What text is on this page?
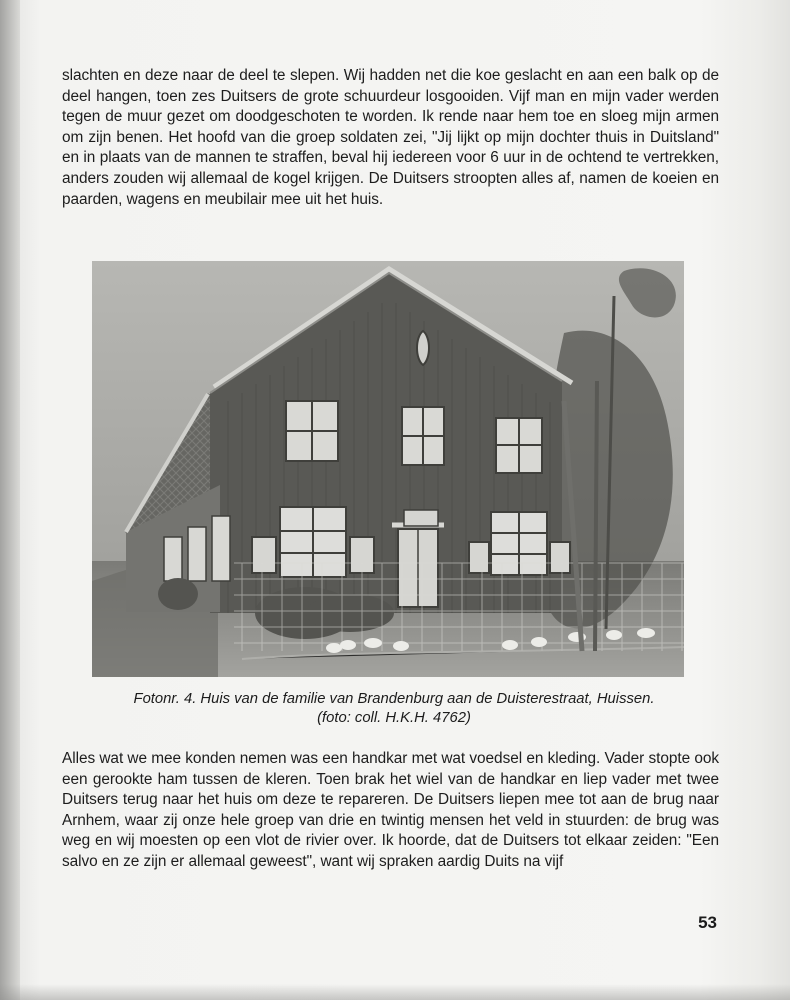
slachten en deze naar de deel te slepen. Wij hadden net die koe geslacht en aan een balk op de deel hangen, toen zes Duitsers de grote schuurdeur losgooiden. Vijf man en mijn vader werden tegen de muur gezet om doodgeschoten te worden. Ik rende naar hem toe en sloeg mijn armen om zijn benen. Het hoofd van die groep soldaten zei, "Jij lijkt op mijn dochter thuis in Duitsland" en in plaats van de mannen te straffen, beval hij iedereen voor 6 uur in de ochtend te vertrekken, anders zouden wij allemaal de kogel krijgen. De Duitsers stroopten alles af, namen de koeien en paarden, wagens en meubilair mee uit het huis.
Fotonr. 4. Huis van de familie van Brandenburg aan de Duisterestraat, Huissen.
(foto: coll. H.K.H. 4762)
Alles wat we mee konden nemen was een handkar met wat voedsel en kleding. Vader stopte ook een gerookte ham tussen de kleren. Toen brak het wiel van de handkar en liep vader met twee Duitsers terug naar het huis om deze te repareren. De Duitsers liepen mee tot aan de brug naar Arnhem, waar zij onze hele groep van drie en twintig mensen het veld in stuurden: de brug was weg en wij moesten op een vlot de rivier over. Ik hoorde, dat de Duitsers tot elkaar zeiden: "Een salvo en ze zijn er allemaal geweest", want wij spraken aardig Duits na vijf
53
